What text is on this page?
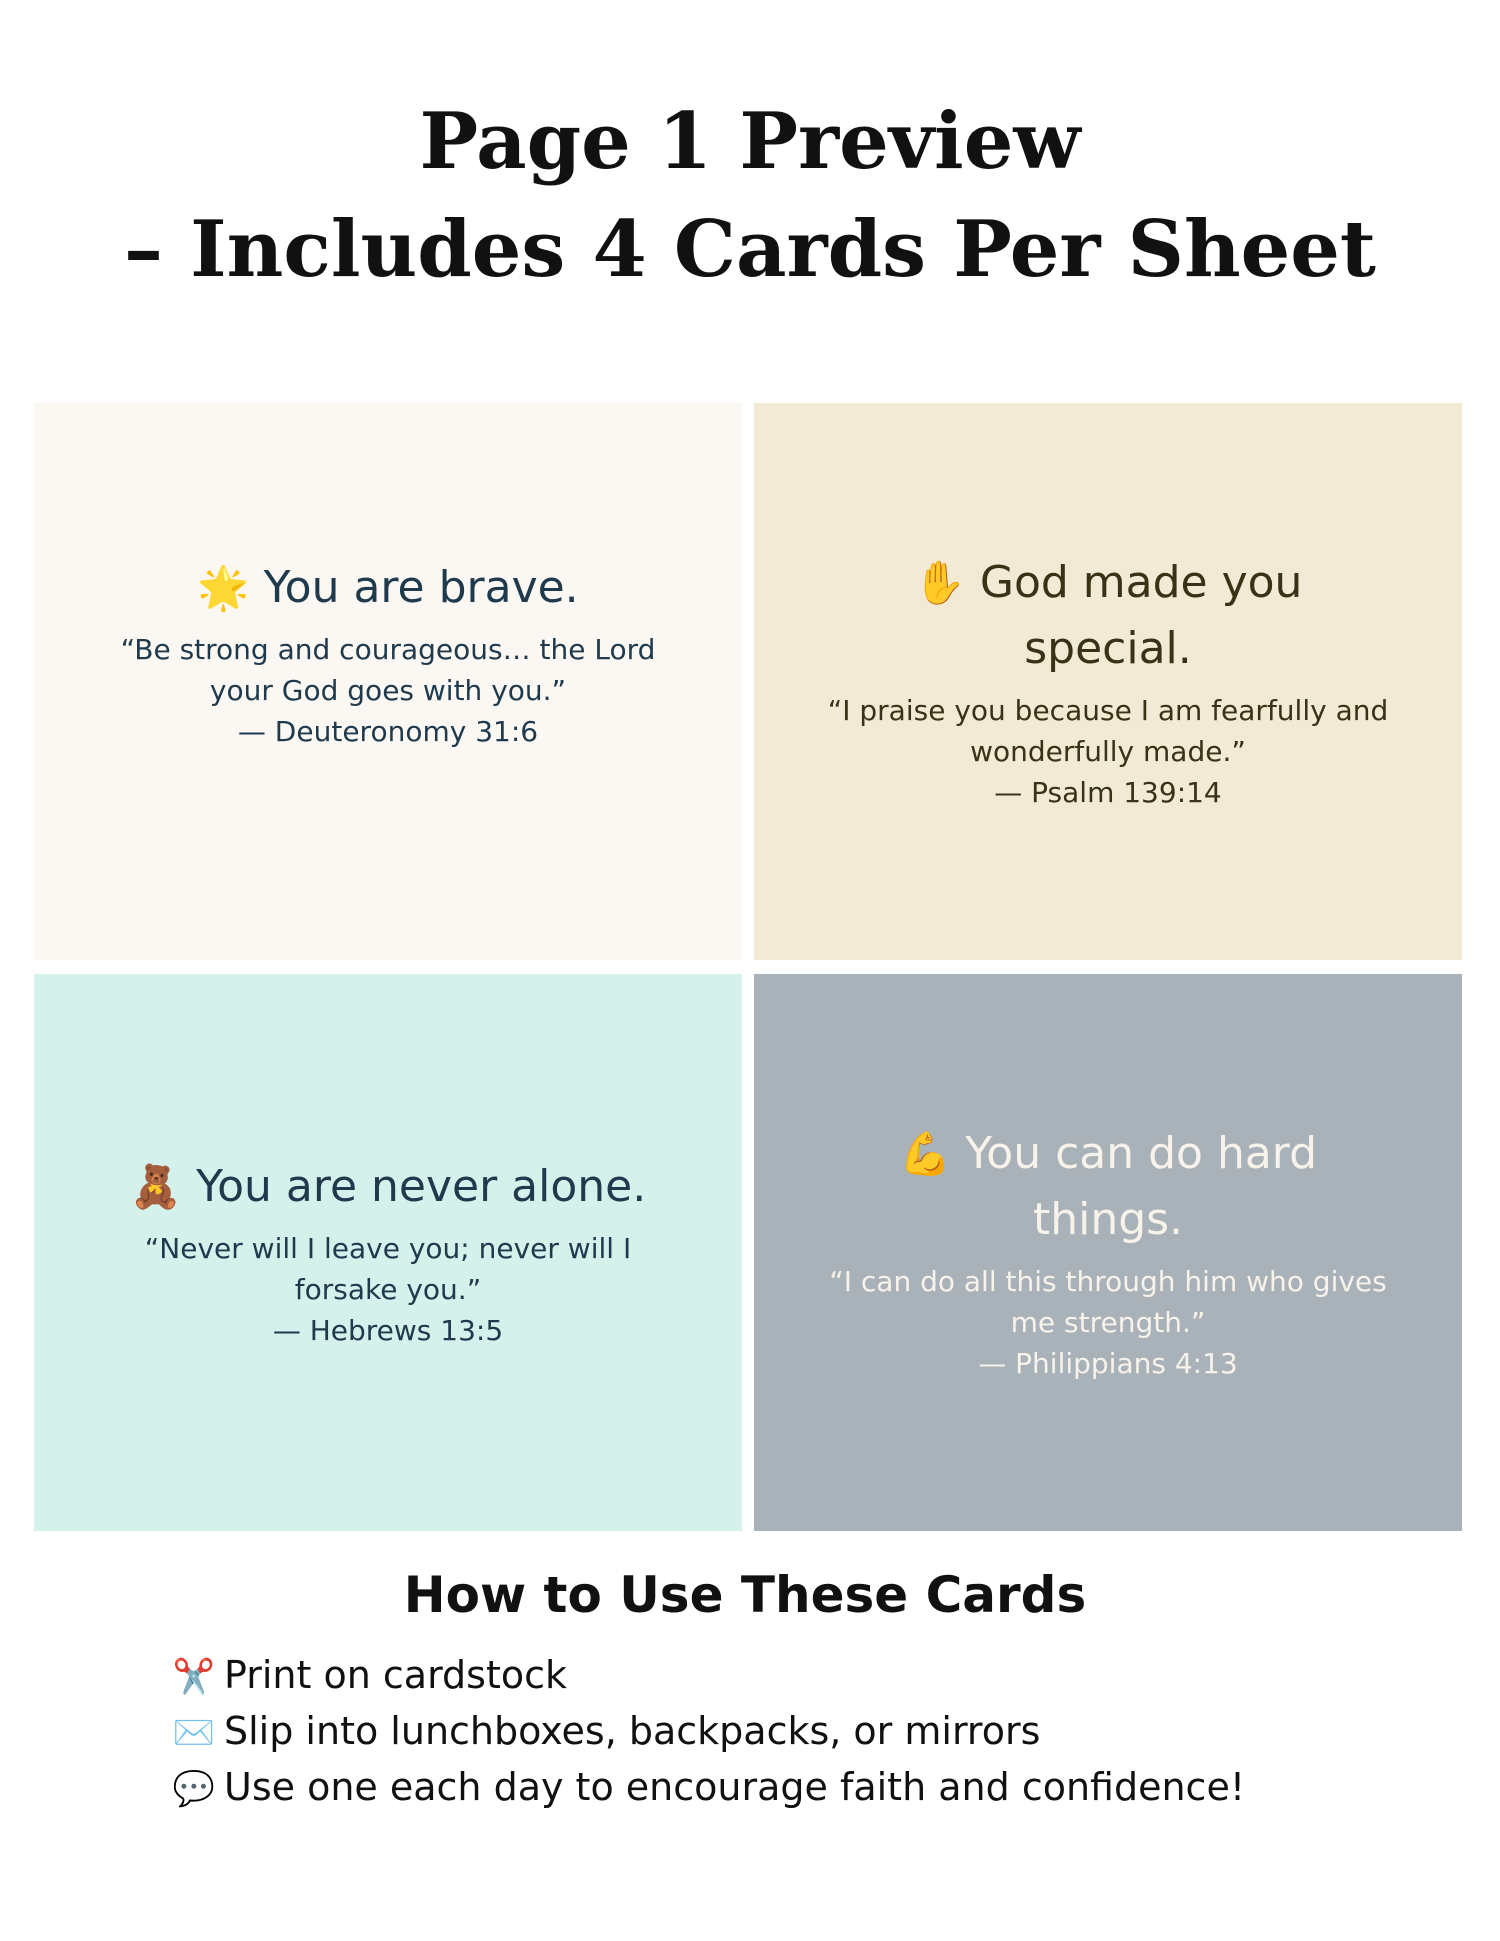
Page 1 Preview
– Includes 4 Cards Per Sheet

🌟 You are brave.

“Be strong and courageous… the Lord your God goes with you.”

— Deuteronomy 31:6

✋ God made you special.

“I praise you because I am fearfully and wonderfully made.”

— Psalm 139:14

🧸 You are never alone.

“Never will I leave you; never will I forsake you.”

— Hebrews 13:5

💪 You can do hard things.

“I can do all this through him who gives me strength.”

— Philippians 4:13
How to Use These Cards
✂️ Print on cardstock
✉️ Slip into lunchboxes, backpacks, or mirrors
💬 Use one each day to encourage faith and confidence!
